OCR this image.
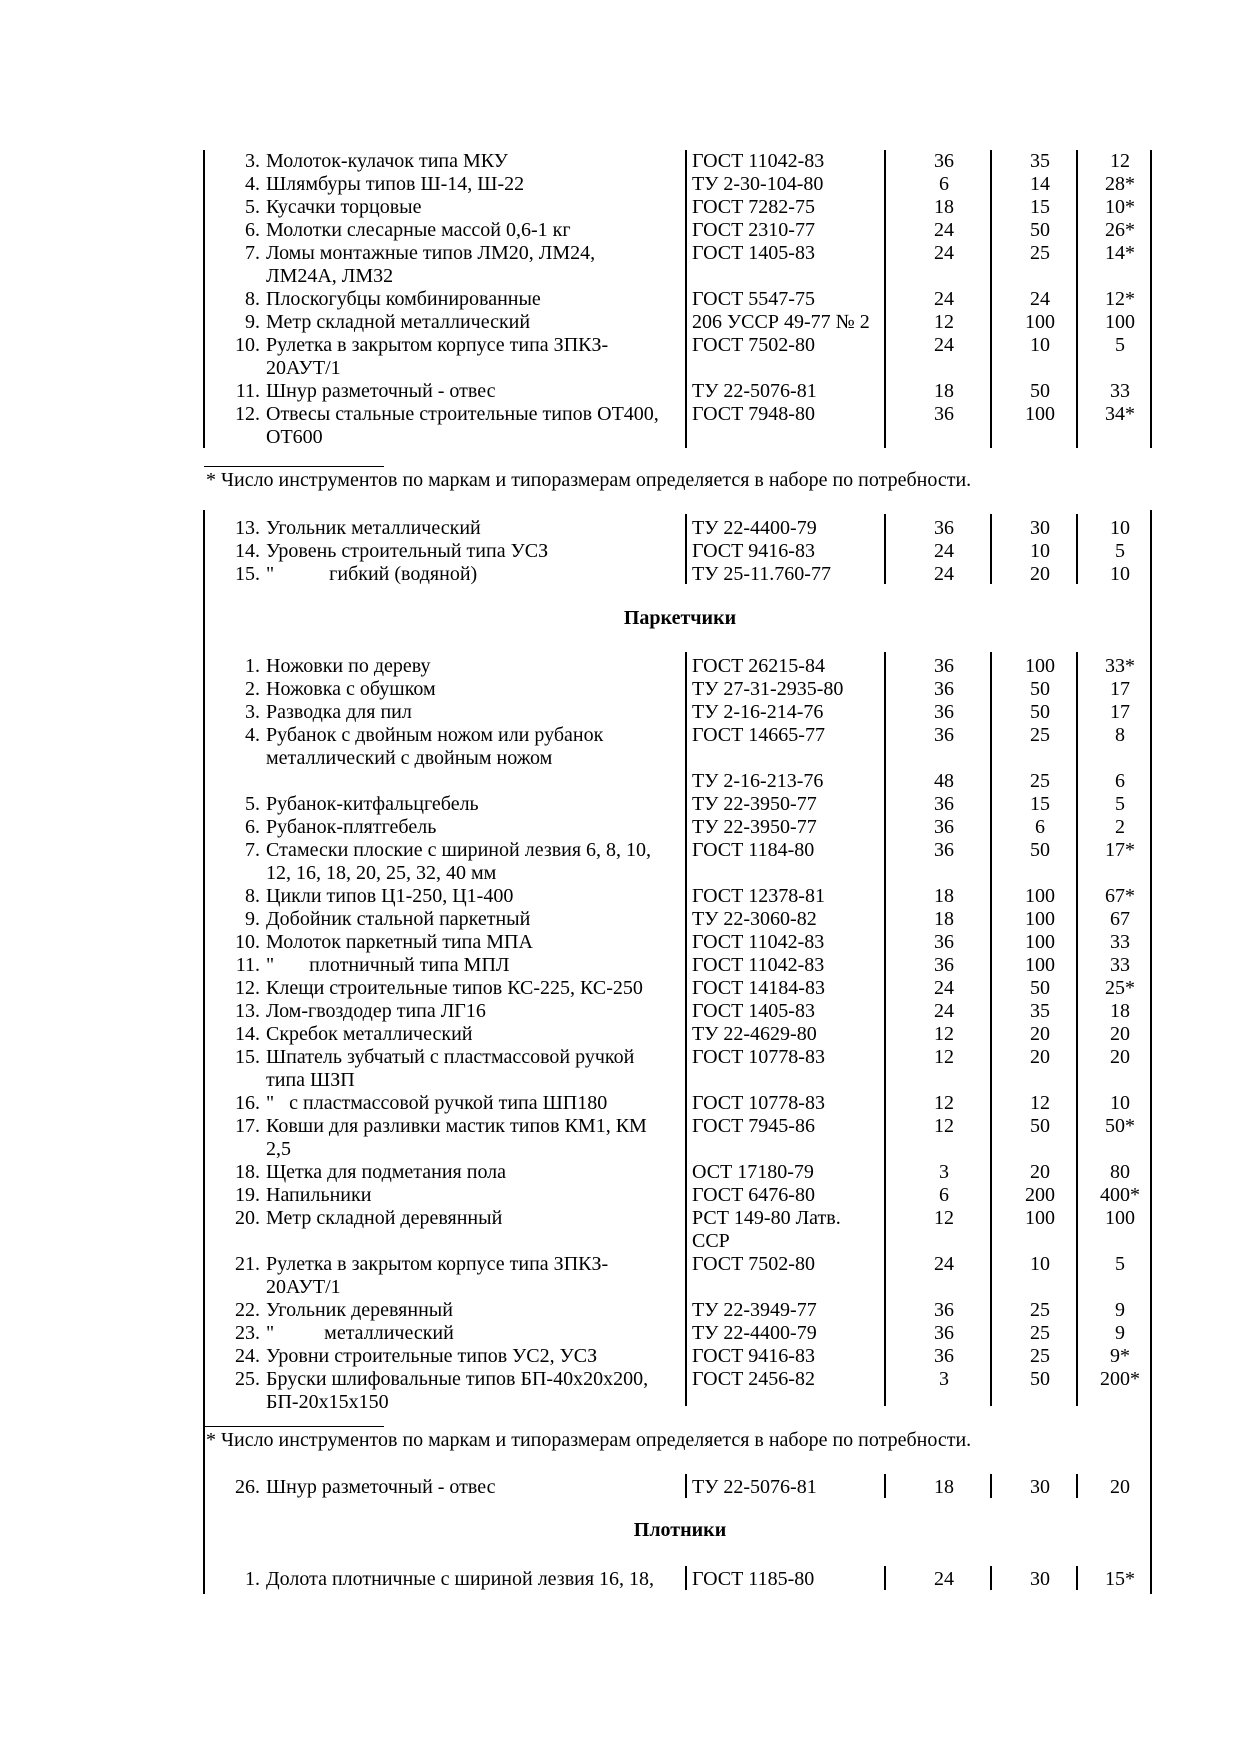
* Число инструментов по маркам и типоразмерам определяется в наборе по потребности.
Паркетчики
* Число инструментов по маркам и типоразмерам определяется в наборе по потребности.
Плотники
3. Молоток-кулачок типа МКУ	ГОСТ 11042-83	36	35	12
4. Шлямбуры типов Ш-14, Ш-22	ТУ 2-30-104-80	6	14	28*
5. Кусачки торцовые	ГОСТ 7282-75	18	15	10*
6. Молотки слесарные массой 0,6-1 кг	ГОСТ 2310-77	24	50	26*
7. Ломы монтажные типов ЛМ20, ЛМ24,	ГОСТ 1405-83	24	25	14*
ЛМ24А, ЛМ32
8. Плоскогубцы комбинированные	ГОСТ 5547-75	24	24	12*
9. Метр складной металлический	206 УССР 49-77 № 2	12	100	100
10. Рулетка в закрытом корпусе типа ЗПКЗ-	ГОСТ 7502-80	24	10	5
20АУТ/1
11. Шнур разметочный - отвес	ТУ 22-5076-81	18	50	33
12. Отвесы стальные строительные типов ОТ400, ГОСТ 7948-80	36	100	34*
ОТ600
13. Угольник металлический	ТУ 22-4400-79	36	30	10
14. Уровень строительный типа УСЗ	ГОСТ 9416-83	24	10	5
15. "           гибкий (водяной)	ТУ 25-11.760-77	24	20	10
1. Ножовки по дереву	ГОСТ 26215-84	36	100	33*
2. Ножовка с обушком	ТУ 27-31-2935-80	36	50	17
3. Разводка для пил	ТУ 2-16-214-76	36	50	17
4. Рубанок с двойным ножом или рубанок	ГОСТ 14665-77	36	25	8
металлический с двойным ножом
ТУ 2-16-213-76	48	25	6
5. Рубанок-китфальцгебель	ТУ 22-3950-77	36	15	5
6. Рубанок-плятгебель	ТУ 22-3950-77	36	6	2
7. Стамески плоские с шириной лезвия 6, 8, 10, ГОСТ 1184-80	36	50	17*
12, 16, 18, 20, 25, 32, 40 мм
8. Цикли типов Ц1-250, Ц1-400	ГОСТ 12378-81	18	100	67*
9. Добойник стальной паркетный	ТУ 22-3060-82	18	100	67
10. Молоток паркетный типа МПА	ГОСТ 11042-83	36	100	33
11. "       плотничный типа МПЛ	ГОСТ 11042-83	36	100	33
12. Клещи строительные типов КС-225, КС-250 ГОСТ 14184-83	24	50	25*
13. Лом-гвоздодер типа ЛГ16	ГОСТ 1405-83	24	35	18
14. Скребок металлический	ТУ 22-4629-80	12	20	20
15. Шпатель зубчатый с пластмассовой ручкой	ГОСТ 10778-83	12	20	20
типа ШЗП
16. "   с пластмассовой ручкой типа ШП180	ГОСТ 10778-83	12	12	10
17. Ковши для разливки мастик типов КМ1, КМ ГОСТ 7945-86	12	50	50*
2,5
18. Щетка для подметания пола	ОСТ 17180-79	3	20	80
19. Напильники	ГОСТ 6476-80	6	200	400*
20. Метр складной деревянный	РСТ 149-80 Латв.	12	100	100
ССР
21. Рулетка в закрытом корпусе типа ЗПКЗ-	ГОСТ 7502-80	24	10	5
20АУТ/1
22. Угольник деревянный	ТУ 22-3949-77	36	25	9
23. "          металлический	ТУ 22-4400-79	36	25	9
24. Уровни строительные типов УС2, УСЗ	ГОСТ 9416-83	36	25	9*
25. Бруски шлифовальные типов БП-40х20х200, ГОСТ 2456-82	3	50	200*
БП-20х15х150
26. Шнур разметочный - отвес	ТУ 22-5076-81	18	30	20
1. Долота плотничные с шириной лезвия 16, 18, ГОСТ 1185-80	24	30	15*
